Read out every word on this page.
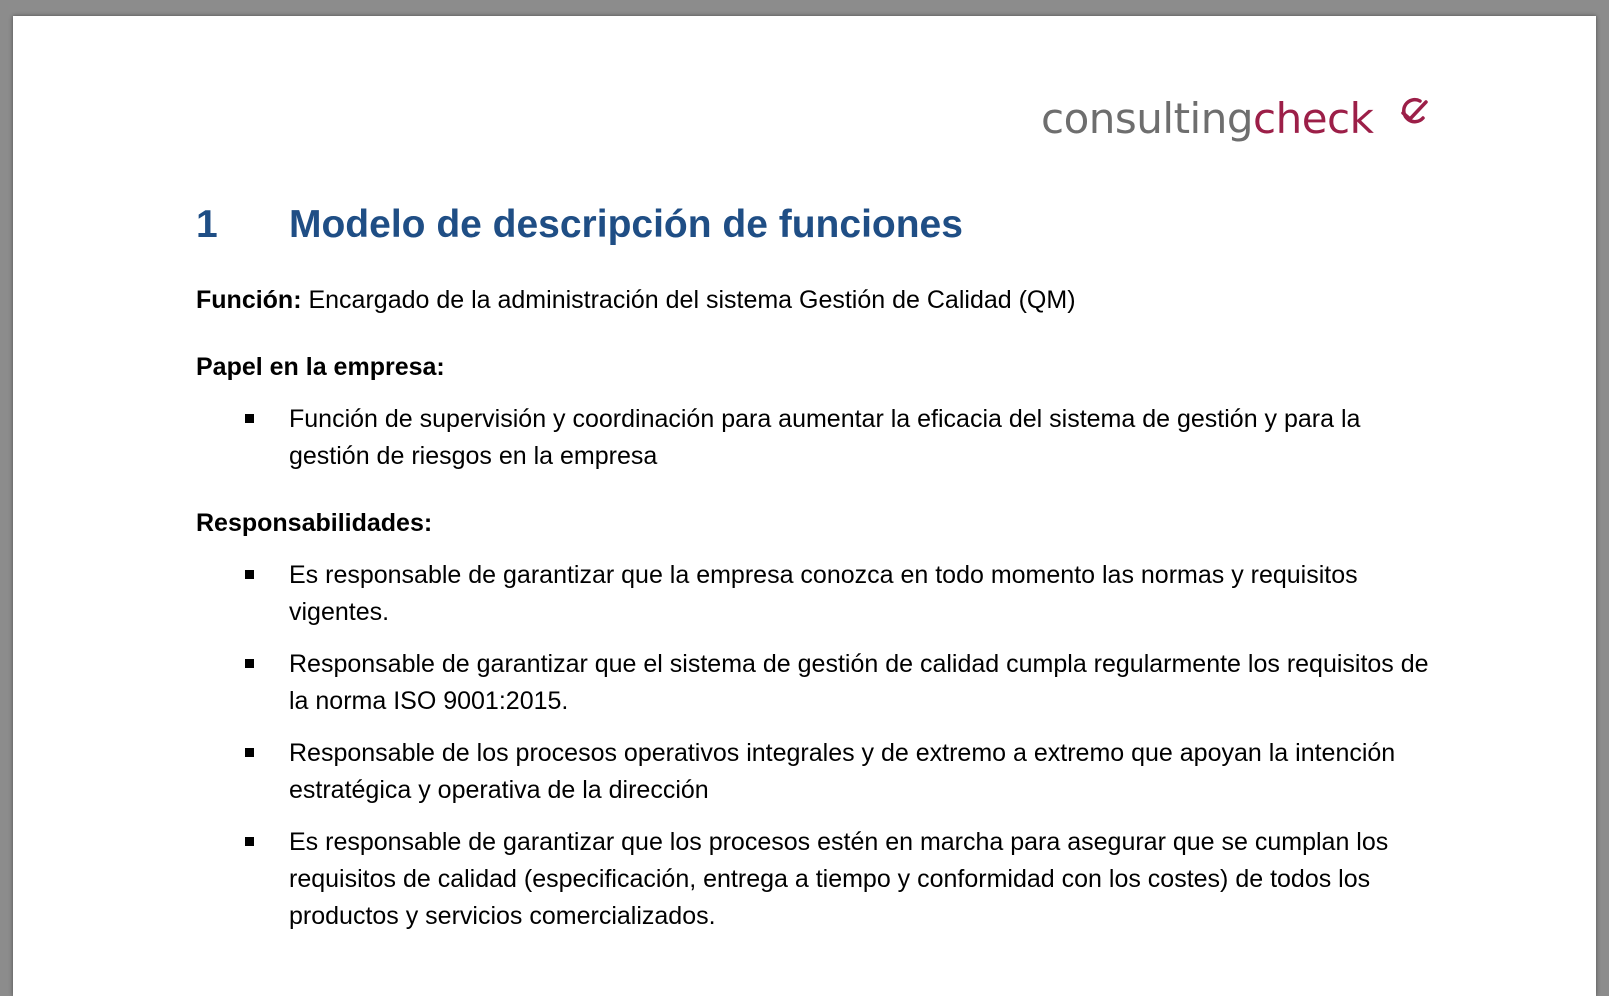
consultingcheck
1 Modelo de descripción de funciones
Función: Encargado de la administración del sistema Gestión de Calidad (QM)
Papel en la empresa:
Función de supervisión y coordinación para aumentar la eficacia del sistema de gestión y para la gestión de riesgos en la empresa
Responsabilidades:
Es responsable de garantizar que la empresa conozca en todo momento las normas y requisitos vigentes.
Responsable de garantizar que el sistema de gestión de calidad cumpla regularmente los requisitos de la norma ISO 9001:2015.
Responsable de los procesos operativos integrales y de extremo a extremo que apoyan la intención estratégica y operativa de la dirección
Es responsable de garantizar que los procesos estén en marcha para asegurar que se cumplan los requisitos de calidad (especificación, entrega a tiempo y conformidad con los costes) de todos los productos y servicios comercializados.
